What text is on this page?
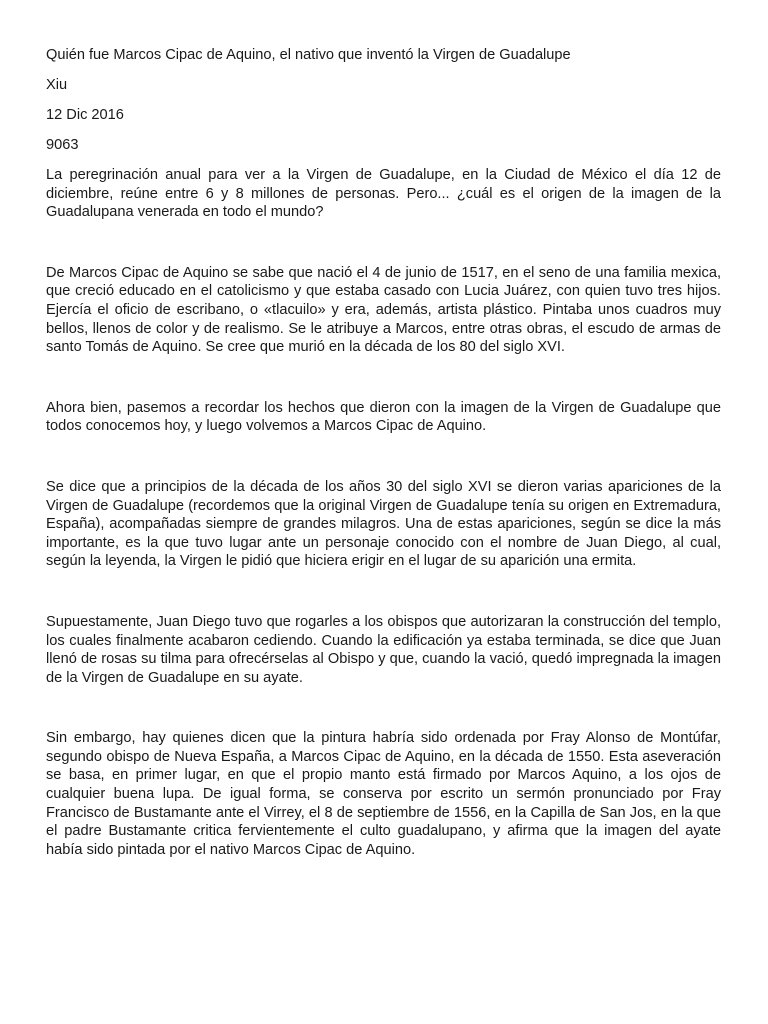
Quién fue Marcos Cipac de Aquino, el nativo que inventó la Virgen de Guadalupe
Xiu
12 Dic 2016
9063

La peregrinación anual para ver a la Virgen de Guadalupe, en la Ciudad de México el día 12 de diciembre, reúne entre 6 y 8 millones de personas. Pero... ¿cuál es el origen de la imagen de la Guadalupana venerada en todo el mundo?

De Marcos Cipac de Aquino se sabe que nació el 4 de junio de 1517, en el seno de una familia mexica, que creció educado en el catolicismo y que estaba casado con Lucia Juárez, con quien tuvo tres hijos. Ejercía el oficio de escribano, o «tlacuilo» y era, además, artista plástico. Pintaba unos cuadros muy bellos, llenos de color y de realismo. Se le atribuye a Marcos, entre otras obras, el escudo de armas de santo Tomás de Aquino. Se cree que murió en la década de los 80 del siglo XVI.

Ahora bien, pasemos a recordar los hechos que dieron con la imagen de la Virgen de Guadalupe que todos conocemos hoy, y luego volvemos a Marcos Cipac de Aquino.

Se dice que a principios de la década de los años 30 del siglo XVI se dieron varias apariciones de la Virgen de Guadalupe (recordemos que la original Virgen de Guadalupe tenía su origen en Extremadura, España), acompañadas siempre de grandes milagros. Una de estas apariciones, según se dice la más importante, es la que tuvo lugar ante un personaje conocido con el nombre de Juan Diego, al cual, según la leyenda, la Virgen le pidió que hiciera erigir en el lugar de su aparición una ermita.

Supuestamente, Juan Diego tuvo que rogarles a los obispos que autorizaran la construcción del templo, los cuales finalmente acabaron cediendo. Cuando la edificación ya estaba terminada, se dice que Juan llenó de rosas su tilma para ofrecérselas al Obispo y que, cuando la vació, quedó impregnada la imagen de la Virgen de Guadalupe en su ayate.

Sin embargo, hay quienes dicen que la pintura habría sido ordenada por Fray Alonso de Montúfar, segundo obispo de Nueva España, a Marcos Cipac de Aquino, en la década de 1550. Esta aseveración se basa, en primer lugar, en que el propio manto está firmado por Marcos Aquino, a los ojos de cualquier buena lupa. De igual forma, se conserva por escrito un sermón pronunciado por Fray Francisco de Bustamante ante el Virrey, el 8 de septiembre de 1556, en la Capilla de San Jos, en la que el padre Bustamante critica fervientemente el culto guadalupano, y afirma que la imagen del ayate había sido pintada por el nativo Marcos Cipac de Aquino.
